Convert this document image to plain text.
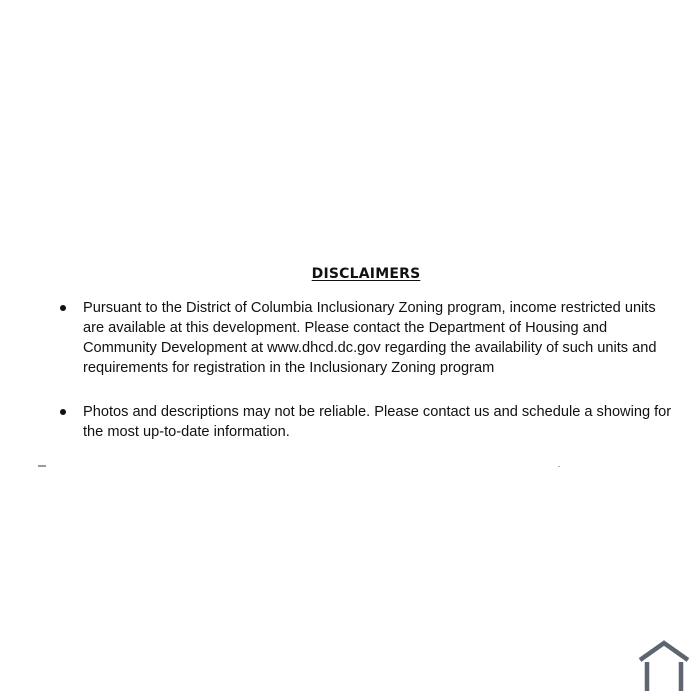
DISCLAIMERS
Pursuant to the District of Columbia Inclusionary Zoning program, income restricted units are available at this development. Please contact the Department of Housing and Community Development at www.dhcd.dc.gov regarding the availability of such units and requirements for registration in the Inclusionary Zoning program
Photos and descriptions may not be reliable. Please contact us and schedule a showing for the most up-to-date information.
